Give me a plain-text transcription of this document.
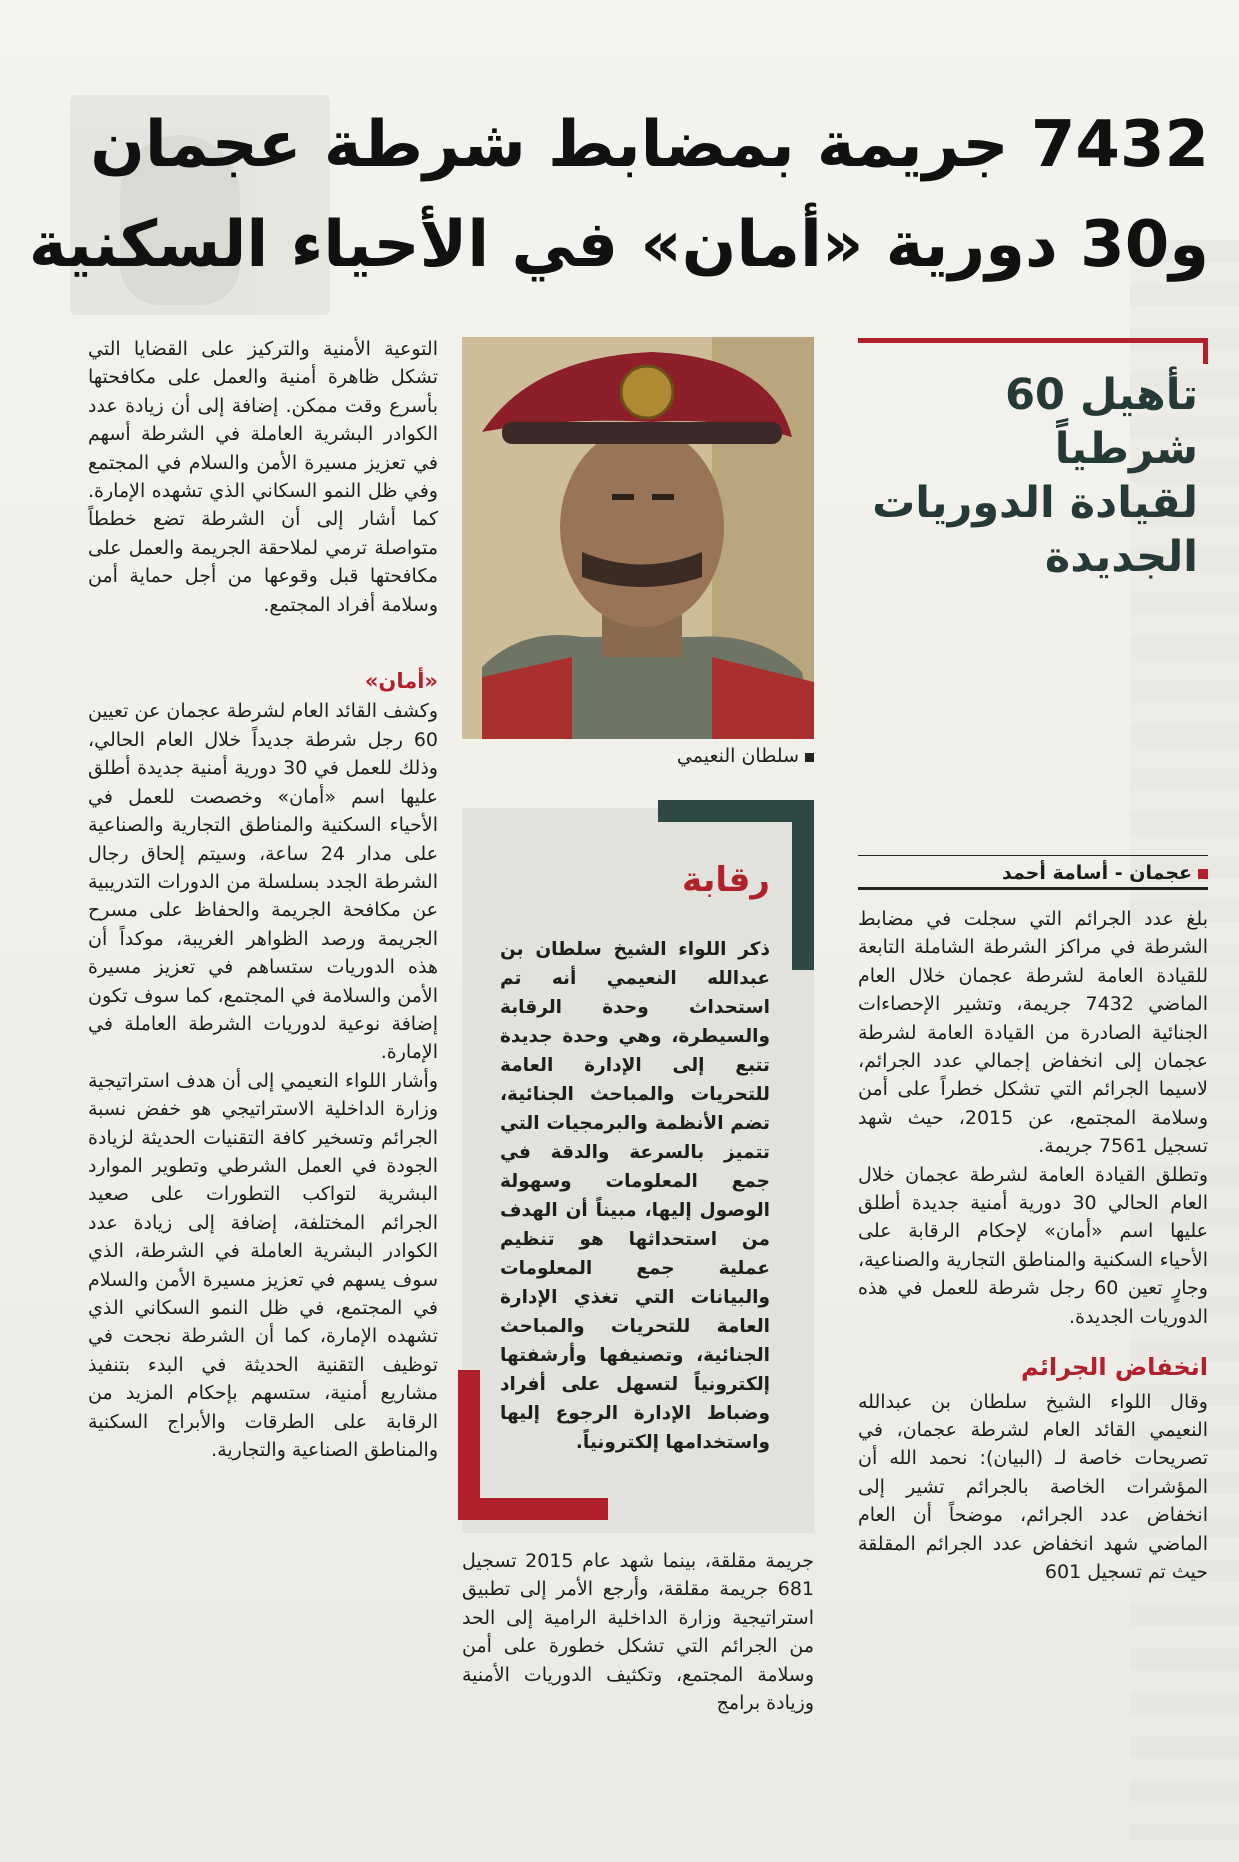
7432 جريمة بمضابط شرطة عجمان
و30 دورية «أمان» في الأحياء السكنية

التوعية الأمنية والتركيز على القضايا التي تشكل ظاهرة أمنية والعمل على مكافحتها بأسرع وقت ممكن. إضافة إلى أن زيادة عدد الكوادر البشرية العاملة في الشرطة أسهم في تعزيز مسيرة الأمن والسلام في المجتمع وفي ظل النمو السكاني الذي تشهده الإمارة. كما أشار إلى أن الشرطة تضع خططاً متواصلة ترمي لملاحقة الجريمة والعمل على مكافحتها قبل وقوعها من أجل حماية أمن وسلامة أفراد المجتمع.

«أمان»

وكشف القائد العام لشرطة عجمان عن تعيين 60 رجل شرطة جديداً خلال العام الحالي، وذلك للعمل في 30 دورية أمنية جديدة أطلق عليها اسم «أمان» وخصصت للعمل في الأحياء السكنية والمناطق التجارية والصناعية على مدار 24 ساعة، وسيتم إلحاق رجال الشرطة الجدد بسلسلة من الدورات التدريبية عن مكافحة الجريمة والحفاظ على مسرح الجريمة ورصد الظواهر الغريبة، موكداً أن هذه الدوريات ستساهم في تعزيز مسيرة الأمن والسلامة في المجتمع، كما سوف تكون إضافة نوعية لدوريات الشرطة العاملة في الإمارة.

وأشار اللواء النعيمي إلى أن هدف استراتيجية وزارة الداخلية الاستراتيجي هو خفض نسبة الجرائم وتسخير كافة التقنيات الحديثة لزيادة الجودة في العمل الشرطي وتطوير الموارد البشرية لتواكب التطورات على صعيد الجرائم المختلفة، إضافة إلى زيادة عدد الكوادر البشرية العاملة في الشرطة، الذي سوف يسهم في تعزيز مسيرة الأمن والسلام في المجتمع، في ظل النمو السكاني الذي تشهده الإمارة، كما أن الشرطة نجحت في توظيف التقنية الحديثة في البدء بتنفيذ مشاريع أمنية، ستسهم بإحكام المزيد من الرقابة على الطرقات والأبراج السكنية والمناطق الصناعية والتجارية.

سلطان النعيمي
رقابة
ذكر اللواء الشيخ سلطان بن عبدالله النعيمي أنه تم استحداث وحدة الرقابة والسيطرة، وهي وحدة جديدة تتبع إلى الإدارة العامة للتحريات والمباحث الجنائية، تضم الأنظمة والبرمجيات التي تتميز بالسرعة والدقة في جمع المعلومات وسهولة الوصول إليها، مبيناً أن الهدف من استحداثها هو تنظيم عملية جمع المعلومات والبيانات التي تغذي الإدارة العامة للتحريات والمباحث الجنائية، وتصنيفها وأرشفتها إلكترونياً لتسهل على أفراد وضباط الإدارة الرجوع إليها واستخدامها إلكترونياً.
جريمة مقلقة، بينما شهد عام 2015 تسجيل 681 جريمة مقلقة، وأرجع الأمر إلى تطبيق استراتيجية وزارة الداخلية الرامية إلى الحد من الجرائم التي تشكل خطورة على أمن وسلامة المجتمع، وتكثيف الدوريات الأمنية وزيادة برامج
تأهيل 60 شرطياً
لقيادة الدوريات
الجديدة
عجمان - أسامة أحمد

بلغ عدد الجرائم التي سجلت في مضابط الشرطة في مراكز الشرطة الشاملة التابعة للقيادة العامة لشرطة عجمان خلال العام الماضي 7432 جريمة، وتشير الإحصاءات الجنائية الصادرة من القيادة العامة لشرطة عجمان إلى انخفاض إجمالي عدد الجرائم، لاسيما الجرائم التي تشكل خطراً على أمن وسلامة المجتمع، عن 2015، حيث شهد تسجيل 7561 جريمة.

وتطلق القيادة العامة لشرطة عجمان خلال العام الحالي 30 دورية أمنية جديدة أطلق عليها اسم «أمان» لإحكام الرقابة على الأحياء السكنية والمناطق التجارية والصناعية، وجارٍ تعين 60 رجل شرطة للعمل في هذه الدوريات الجديدة.

انخفاض الجرائم

وقال اللواء الشيخ سلطان بن عبدالله النعيمي القائد العام لشرطة عجمان، في تصريحات خاصة لـ (البيان): نحمد الله أن المؤشرات الخاصة بالجرائم تشير إلى انخفاض عدد الجرائم، موضحاً أن العام الماضي شهد انخفاض عدد الجرائم المقلقة حيث تم تسجيل 601
